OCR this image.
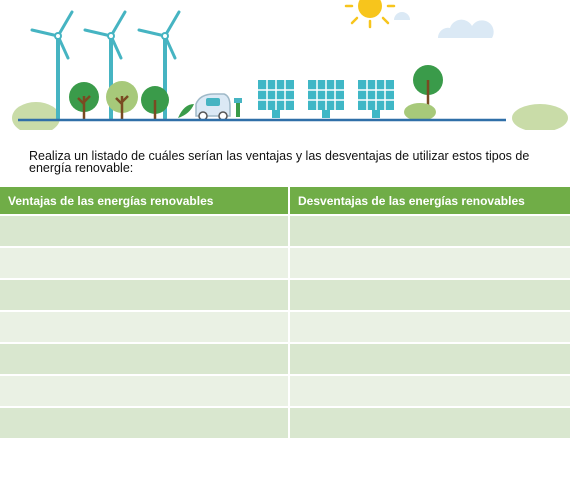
Realiza un listado de cuáles serían las ventajas y las desventajas de utilizar estos tipos de energía renovable:
Ventajas de las energías renovables	Desventajas de las energías renovables
